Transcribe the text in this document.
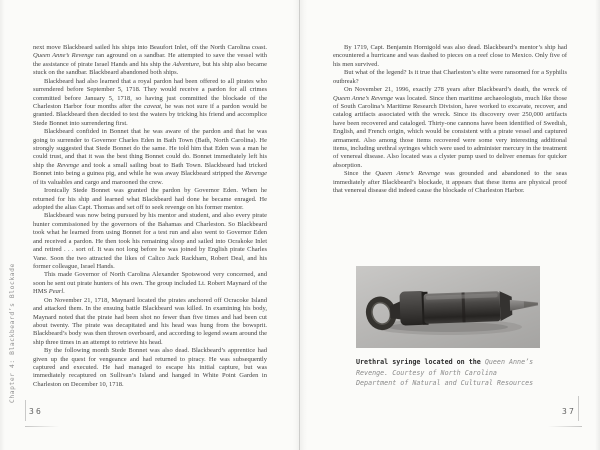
next move Blackbeard sailed his ships into Beaufort Inlet, off the North Carolina coast. Queen Anne’s Revenge ran aground on a sandbar. He attempted to save the vessel with the assistance of pirate Israel Hands and his ship the Adventure, but his ship also became stuck on the sandbar. Blackbeard abandoned both ships.

Blackbeard had also learned that a royal pardon had been offered to all pirates who surrendered before September 5, 1718. They would receive a pardon for all crimes committed before January 5, 1718, so having just committed the blockade of the Charleston Harbor four months after the caveat, he was not sure if a pardon would be granted. Blackbeard then decided to test the waters by tricking his friend and accomplice Stede Bonnet into surrendering first.

Blackbeard confided in Bonnet that he was aware of the pardon and that he was going to surrender to Governor Charles Eden in Bath Town (Bath, North Carolina). He strongly suggested that Stede Bonnet do the same. He told him that Eden was a man he could trust, and that it was the best thing Bonnet could do. Bonnet immediately left his ship the Revenge and took a small sailing boat to Bath Town. Blackbeard had tricked Bonnet into being a guinea pig, and while he was away Blackbeard stripped the Revenge of its valuables and cargo and marooned the crew.

Ironically Stede Bonnet was granted the pardon by Governor Eden. When he returned for his ship and learned what Blackbeard had done he became enraged. He adopted the alias Capt. Thomas and set off to seek revenge on his former mentor.

Blackbeard was now being pursued by his mentor and student, and also every pirate hunter commissioned by the governors of the Bahamas and Charleston. So Blackbeard took what he learned from using Bonnet for a test run and also went to Governor Eden and received a pardon. He then took his remaining sloop and sailed into Ocrakoke Inlet and retired . . . sort of. It was not long before he was joined by English pirate Charles Vane. Soon the two attracted the likes of Calico Jack Rackham, Robert Deal, and his former colleague, Israel Hands.

This made Governor of North Carolina Alexander Spotswood very concerned, and soon he sent out pirate hunters of his own. The group included Lt. Robert Maynard of the HMS Pearl.

On November 21, 1718, Maynard located the pirates anchored off Ocracoke Island and attacked them. In the ensuing battle Blackbeard was killed. In examining his body, Maynard noted that the pirate had been shot no fewer than five times and had been cut about twenty. The pirate was decapitated and his head was hung from the bowsprit. Blackbeard’s body was then thrown overboard, and according to legend swam around the ship three times in an attempt to retrieve his head.

By the following month Stede Bonnet was also dead. Blackbeard’s apprentice had given up the quest for vengeance and had returned to piracy. He was subsequently captured and executed. He had managed to escape his initial capture, but was immediately recaptured on Sullivan’s Island and hanged in White Point Garden in Charleston on December 10, 1718.

Chapter 4: Blackbeard’s Blockade
36

By 1719, Capt. Benjamin Hornigold was also dead. Blackbeard’s mentor’s ship had encountered a hurricane and was dashed to pieces on a reef close to Mexico. Only five of his men survived.

But what of the legend? Is it true that Charleston’s elite were ransomed for a Syphilis outbreak?

On November 21, 1996, exactly 278 years after Blackbeard’s death, the wreck of Queen Anne’s Revenge was located. Since then maritime archaeologists, much like those of South Carolina’s Maritime Research Division, have worked to excavate, recover, and catalog artifacts associated with the wreck. Since its discovery over 250,000 artifacts have been recovered and cataloged. Thirty-one cannons have been identified of Swedish, English, and French origin, which would be consistent with a pirate vessel and captured armament. Also among those items recovered were some very interesting additional items, including urethral syringes which were used to administer mercury in the treatment of venereal disease. Also located was a clyster pump used to deliver enemas for quicker absorption.

Since the Queen Anne’s Revenge was grounded and abandoned to the seas immediately after Blackbeard’s blockade, it appears that these items are physical proof that venereal disease did indeed cause the blockade of Charleston Harbor.

Urethral syringe located on the Queen Anne’s
Revenge. Courtesy of North Carolina
Department of Natural and Cultural Resources
37
